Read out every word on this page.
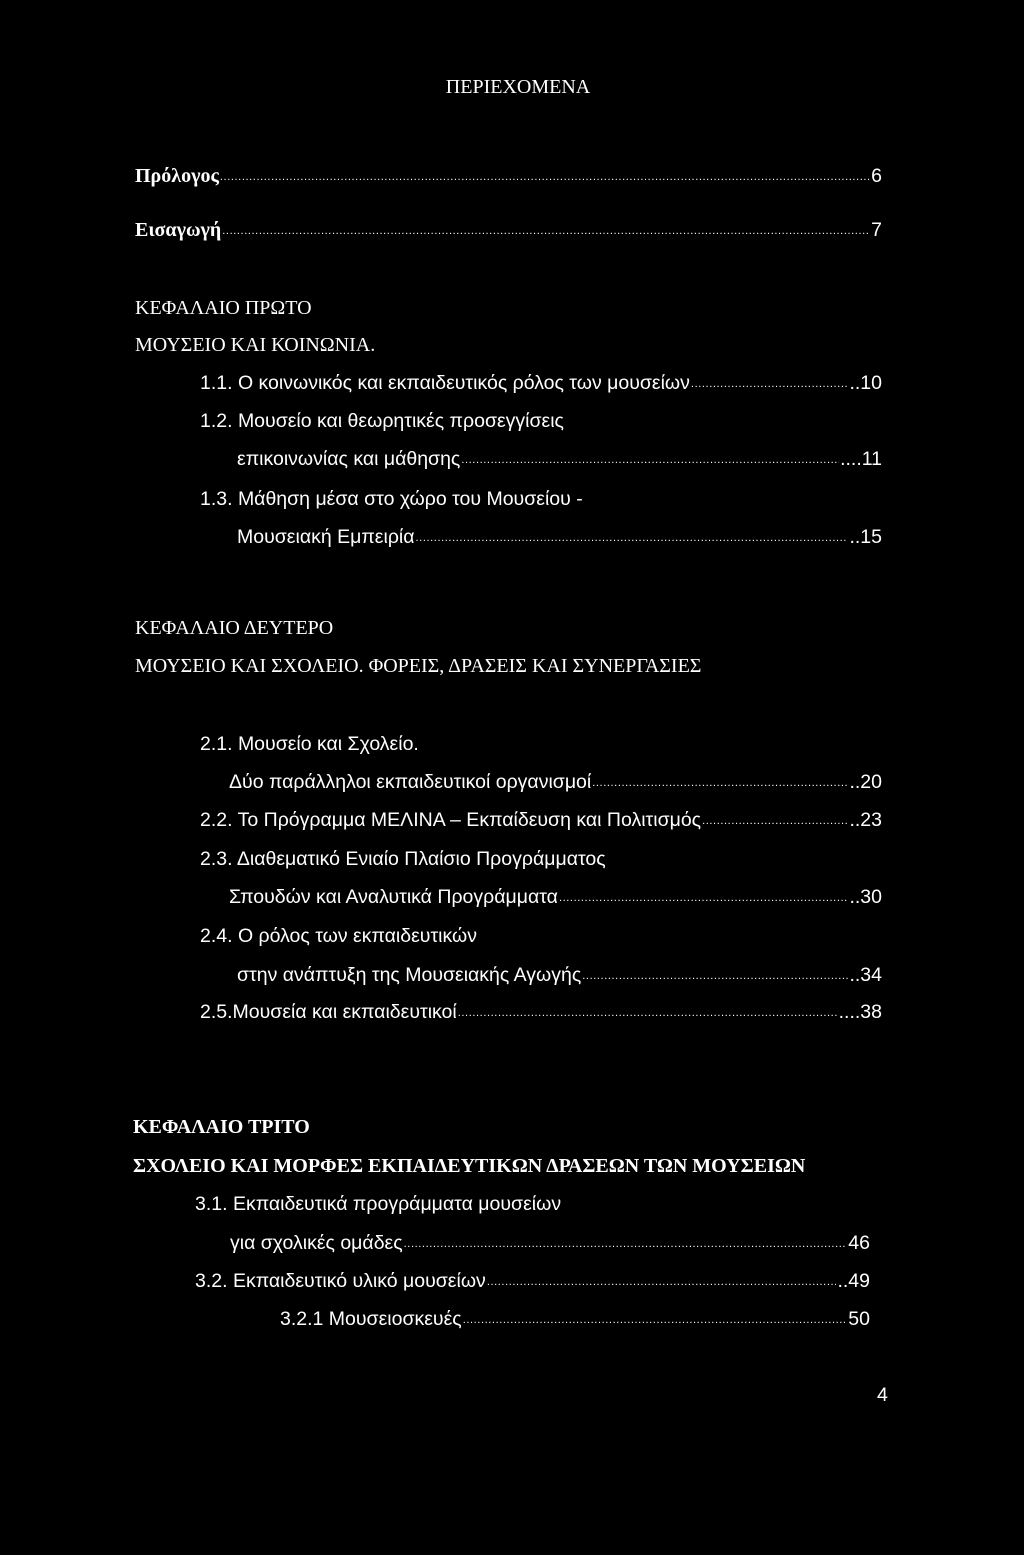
ΠΕΡΙΕΧΟΜΕΝΑ
Πρόλογος .....	6
Εισαγωγή .....	7
ΚΕΦΑΛΑΙΟ ΠΡΩΤΟ
ΜΟΥΣΕΙΟ ΚΑΙ ΚΟΙΝΩΝΙΑ.
1.1. Ο κοινωνικός και εκπαιδευτικός ρόλος των μουσείων .....	..10
1.2. Μουσείο και θεωρητικές προσεγγίσεις
επικοινωνίας και μάθησης .....	....11
1.3. Μάθηση μέσα στο χώρο του Μουσείου -
Μουσειακή Εμπειρία .....	..15
ΚΕΦΑΛΑΙΟ ΔΕΥΤΕΡΟ
ΜΟΥΣΕΙΟ ΚΑΙ ΣΧΟΛΕΙΟ. ΦΟΡΕΙΣ, ΔΡΑΣΕΙΣ ΚΑΙ ΣΥΝΕΡΓΑΣΙΕΣ
2.1. Μουσείο και Σχολείο.
Δύο παράλληλοι εκπαιδευτικοί οργανισμοί .....	..20
2.2. Το Πρόγραμμα ΜΕΛΙΝΑ – Εκπαίδευση και Πολιτισμός .....	..23
2.3. Διαθεματικό Ενιαίο Πλαίσιο Προγράμματος
Σπουδών και Αναλυτικά Προγράμματα .....	..30
2.4. Ο ρόλος των εκπαιδευτικών
στην ανάπτυξη της Μουσειακής Αγωγής .....	..34
2.5.Μουσεία και εκπαιδευτικοί .....	....38
ΚΕΦΑΛΑΙΟ ΤΡΙΤΟ
ΣΧΟΛΕΙΟ ΚΑΙ ΜΟΡΦΕΣ ΕΚΠΑΙΔΕΥΤΙΚΩΝ ΔΡΑΣΕΩΝ ΤΩΝ ΜΟΥΣΕΙΩΝ
3.1. Εκπαιδευτικά προγράμματα μουσείων
για σχολικές ομάδες .....	46
3.2. Εκπαιδευτικό υλικό μουσείων .....	..49
3.2.1 Μουσειοσκευές .....	50
4
